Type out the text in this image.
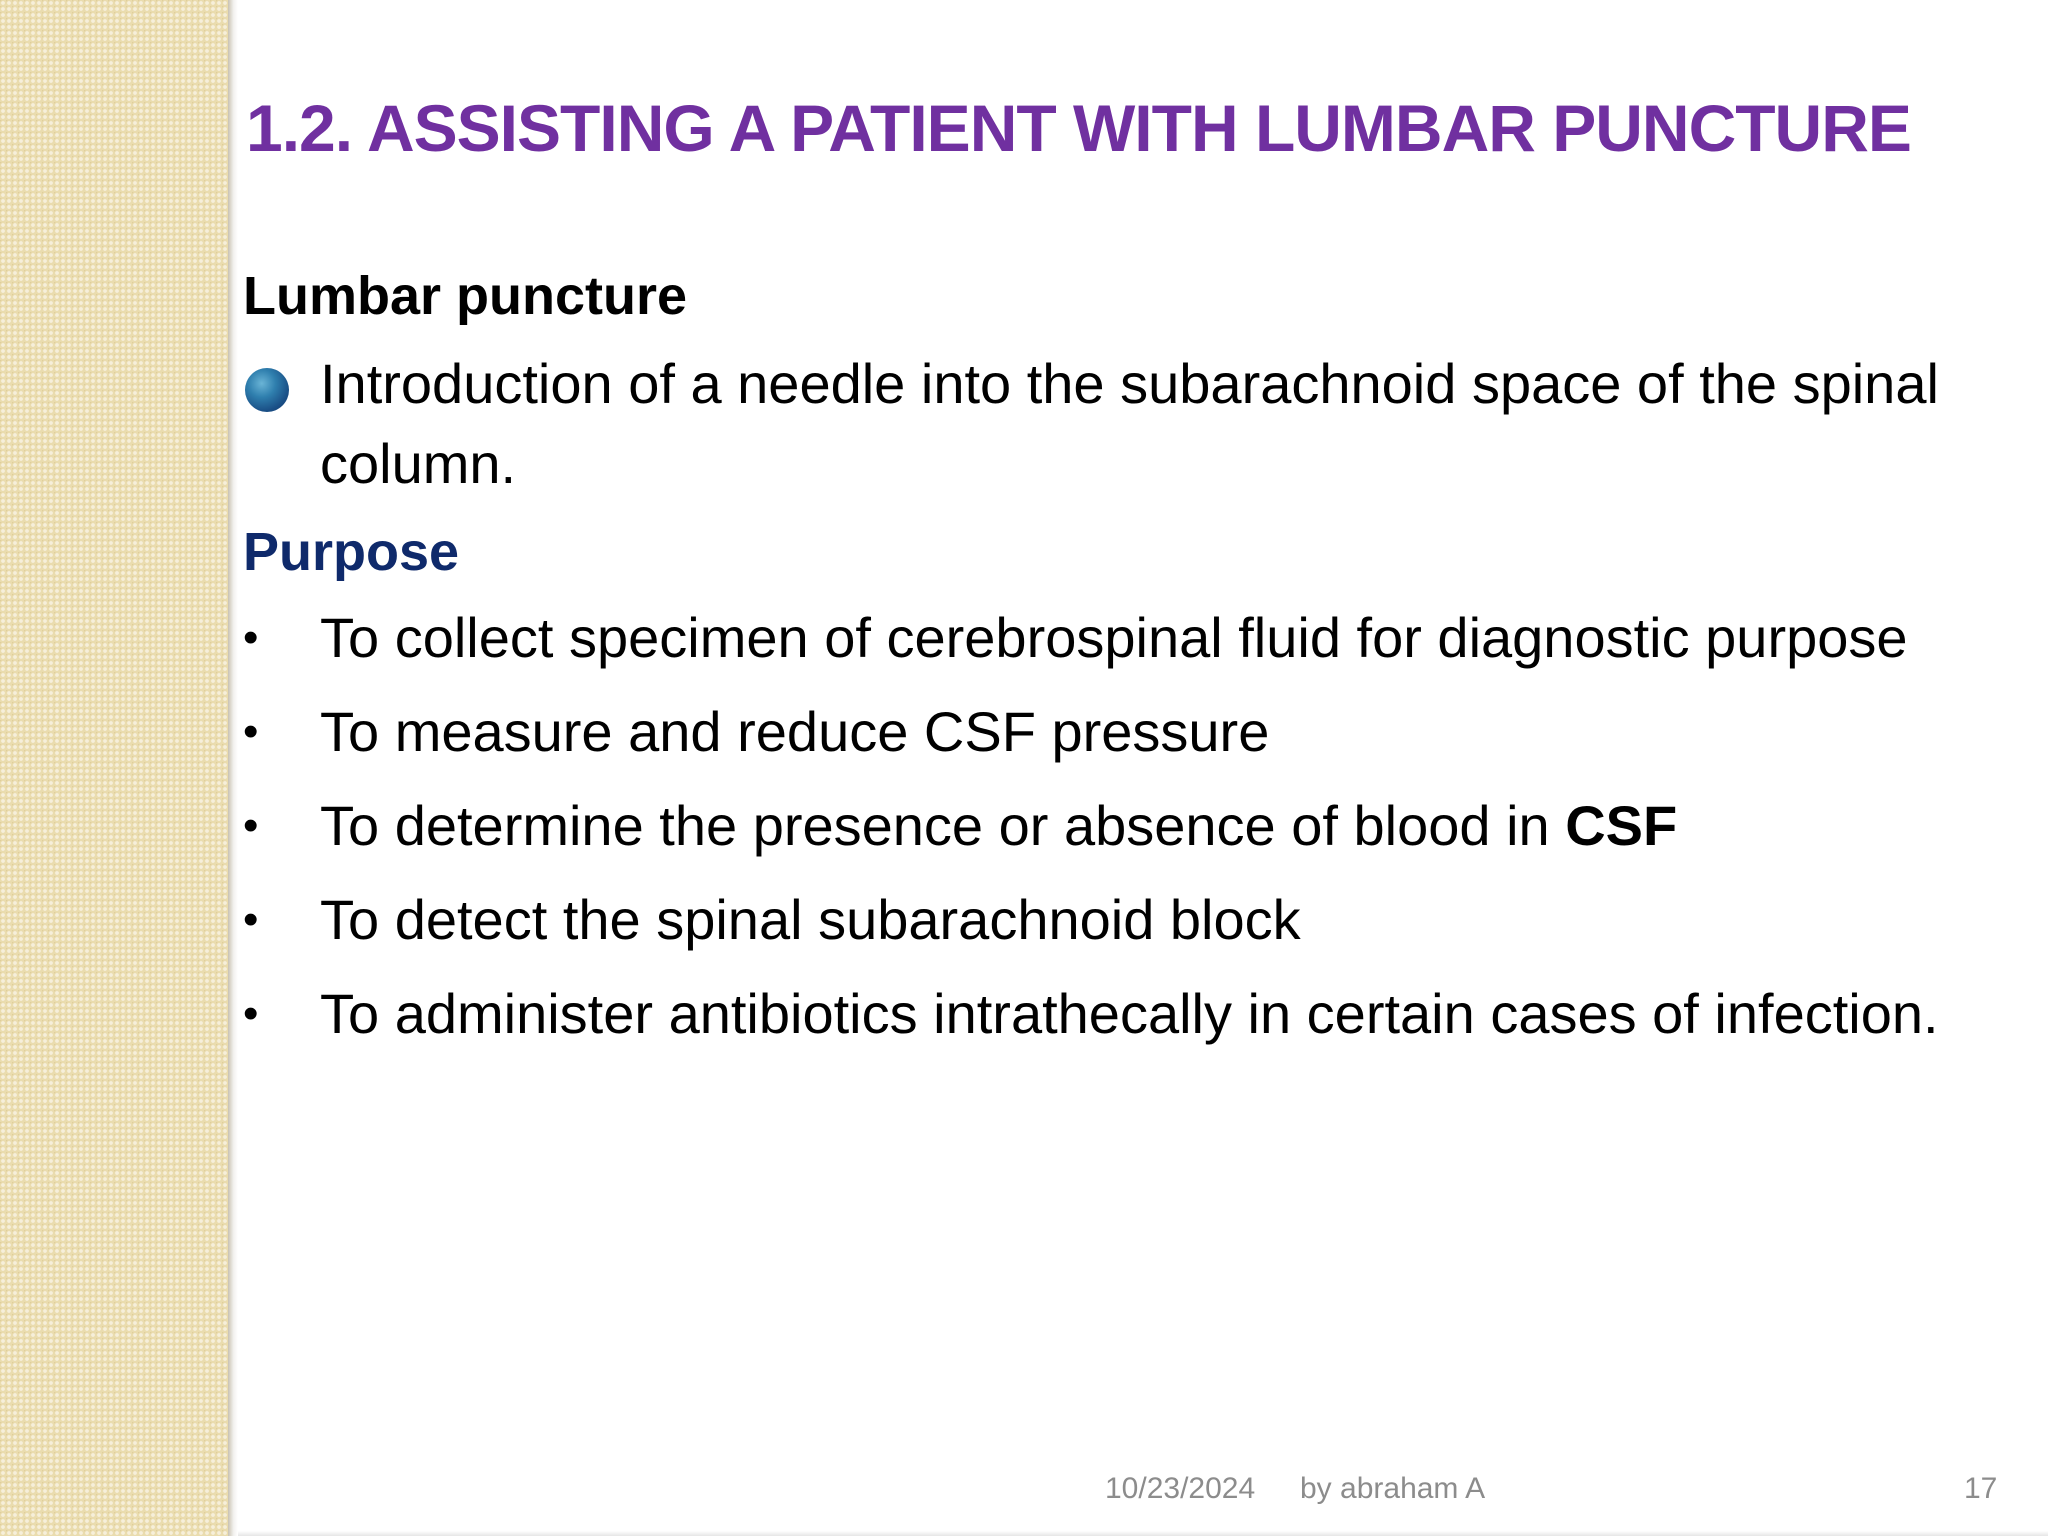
1.2. ASSISTING A PATIENT WITH LUMBAR PUNCTURE
Lumbar puncture
Introduction of a needle into the subarachnoid space of the spinal column.
Purpose
• To collect specimen of cerebrospinal fluid for diagnostic purpose
• To measure and reduce CSF pressure
• To determine the presence or absence of blood in CSF
• To detect the spinal subarachnoid block
• To administer antibiotics intrathecally in certain cases of infection.
10/23/2024 by abraham A	17
